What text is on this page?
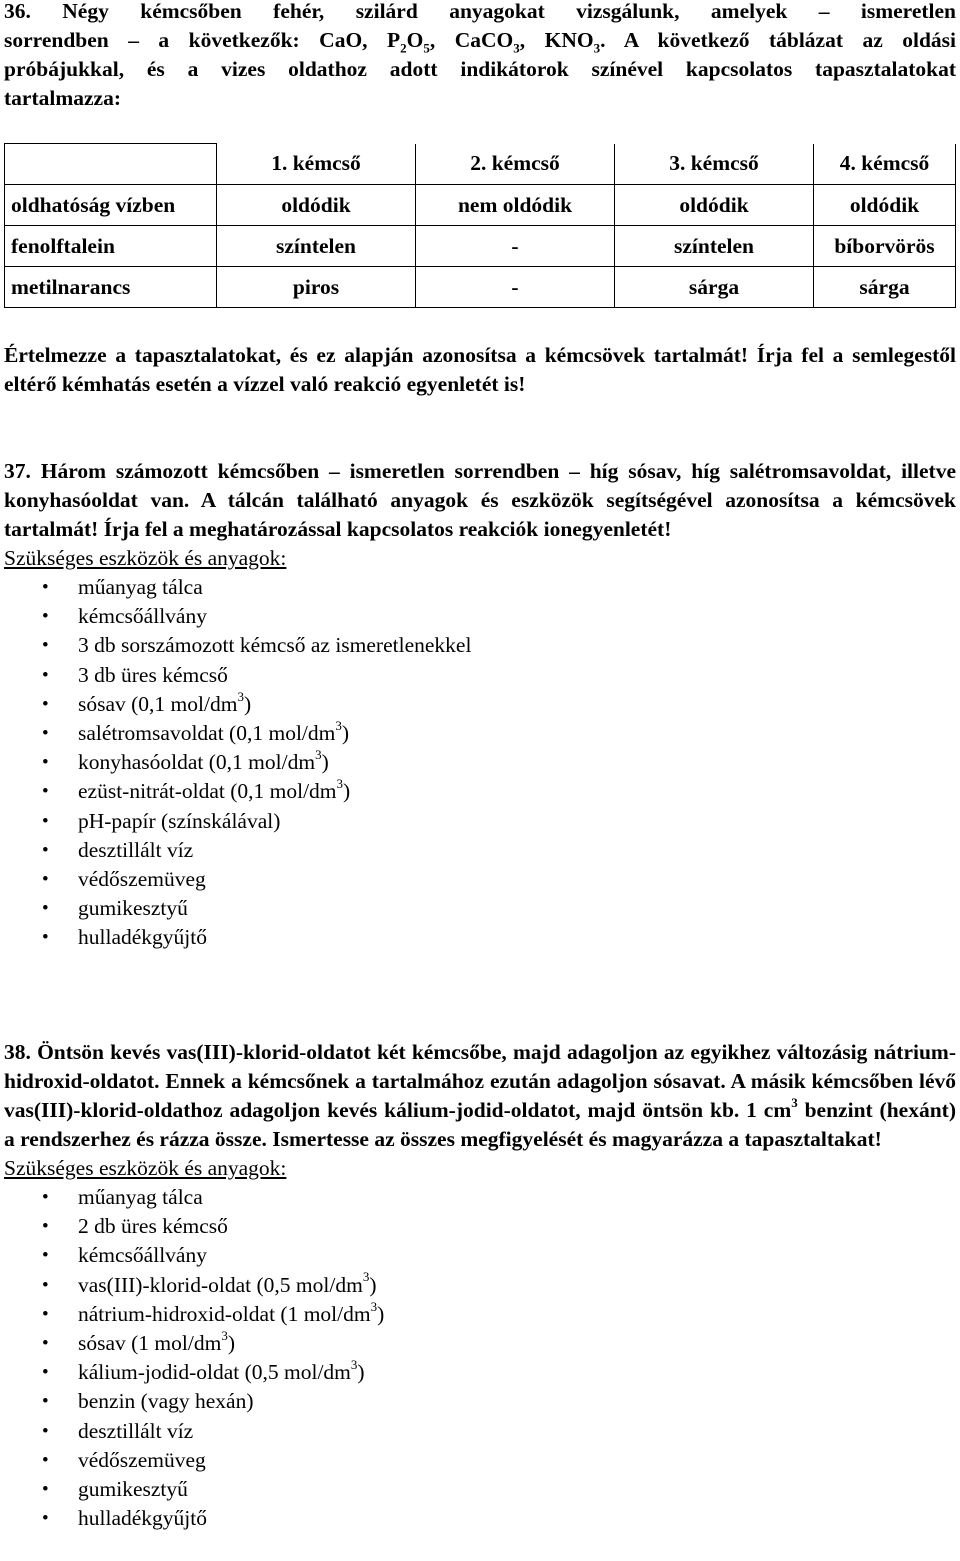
36. Négy kémcsőben fehér, szilárd anyagokat vizsgálunk, amelyek – ismeretlen
sorrendben – a következők: CaO, $P_2O_5$, CaCO$_3$, $KNO_3$. A következő táblázat az oldási
próbájukkal, és a vizes oldathoz adott indikátorok színével kapcsolatos tapasztalatokat
tartalmazza:
	1. kémcső	2. kémcső	3. kémcső	4. kémcső
oldhatóság vízben	oldódik	nem oldódik	oldódik	oldódik
fenolftalein	színtelen	-	színtelen	bíborvörös
metilnarancs	piros	-	sárga	sárga
Értelmezze a tapasztalatokat, és ez alapján azonosítsa a kémcsövek tartalmát! Írja fel a semlegestől eltérő kémhatás esetén a vízzel való reakció egyenletét is!
37. Három számozott kémcsőben – ismeretlen sorrendben – híg sósav, híg salétromsavoldat, illetve konyhasóoldat van. A tálcán található anyagok és eszközök segítségével azonosítsa a kémcsövek tartalmát! Írja fel a meghatározással kapcsolatos reakciók ionegyenletét!
Szükséges eszközök és anyagok:
• műanyag tálca
• kémcsőállvány
• 3 db sorszámozott kémcső az ismeretlenekkel
• 3 db üres kémcső
• sósav (0,1 mol/$dm^3$)
• salétromsavoldat (0,1 mol/$dm^3$)
• konyhasóoldat (0,1 mol/$dm^3$)
• ezüst-nitrát-oldat (0,1 mol/$dm^3$)
• pH-papír (színskálával)
• desztillált víz
• védőszemüveg
• gumikesztyű
• hulladékgyűjtő
38. Öntsön kevés vas(III)-klorid-oldatot két kémcsőbe, majd adagoljon az egyikhez változásig nátrium-hidroxid-oldatot. Ennek a kémcsőnek a tartalmához ezután adagoljon sósavat. A másik kémcsőben lévő vas(III)-klorid-oldathoz adagoljon kevés kálium-jodid-oldatot, majd öntsön kb. 1 $cm^3$ benzint (hexánt) a rendszerhez és rázza össze. Ismertesse az összes megfigyelését és magyarázza a tapasztaltakat!
Szükséges eszközök és anyagok:
• műanyag tálca
• 2 db üres kémcső
• kémcsőállvány
• vas(III)-klorid-oldat (0,5 mol/$dm^3$)
• nátrium-hidroxid-oldat (1 mol/$dm^3$)
• sósav (1 mol/$dm^3$)
• kálium-jodid-oldat (0,5 mol/$dm^3$)
• benzin (vagy hexán)
• desztillált víz
• védőszemüveg
• gumikesztyű
• hulladékgyűjtő
